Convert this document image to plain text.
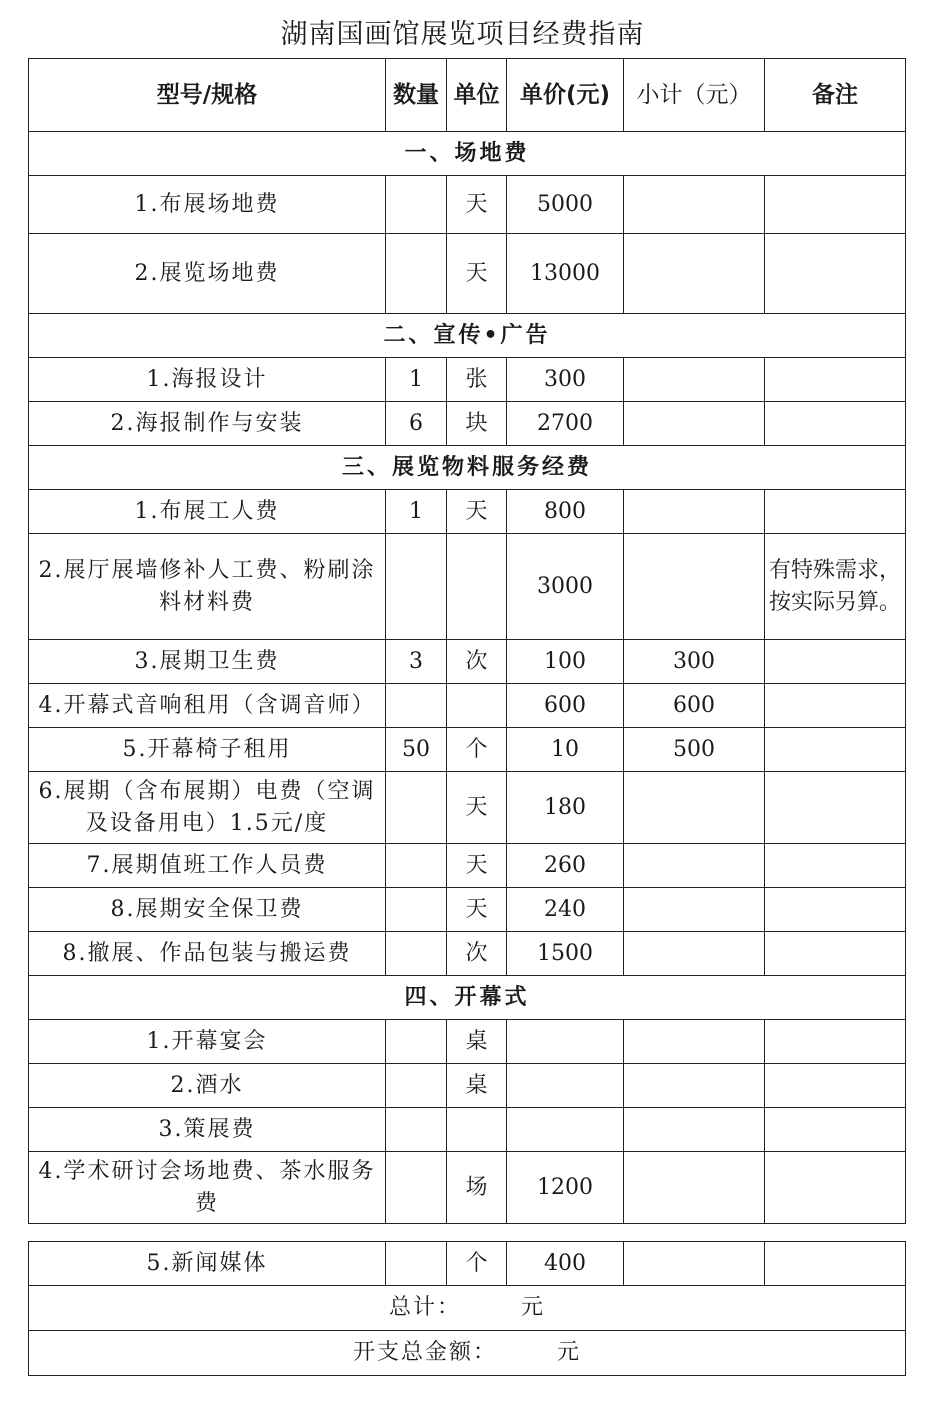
湖南国画馆展览项目经费指南
型号/规格	数量	单位	单价(元)	小计（元）	备注
一、场地费					
1.布展场地费		天	5000		
2.展览场地费		天	13000		
二、宣传•广告					
1.海报设计	1	张	300		
2.海报制作与安装	6	块	2700		
三、展览物料服务经费					
1.布展工人费	1	天	800		
2.展厅展墙修补人工费、粉刷涂料材料费			3000		有特殊需求，按实际另算。
3.展期卫生费	3	次	100	300	
4.开幕式音响租用（含调音师）			600	600	
5.开幕椅子租用	50	个	10	500	
6.展期（含布展期）电费（空调及设备用电）1.5元/度		天	180		
7.展期值班工作人员费		天	260		
8.展期安全保卫费		天	240		
8.撤展、作品包装与搬运费		次	1500		
四、开幕式					
1.开幕宴会		桌			
2.酒水		桌			
3.策展费					
4.学术研讨会场地费、茶水服务费		场	1200		
5.新闻媒体		个	400		
总计：	元
开支总金额：	元
